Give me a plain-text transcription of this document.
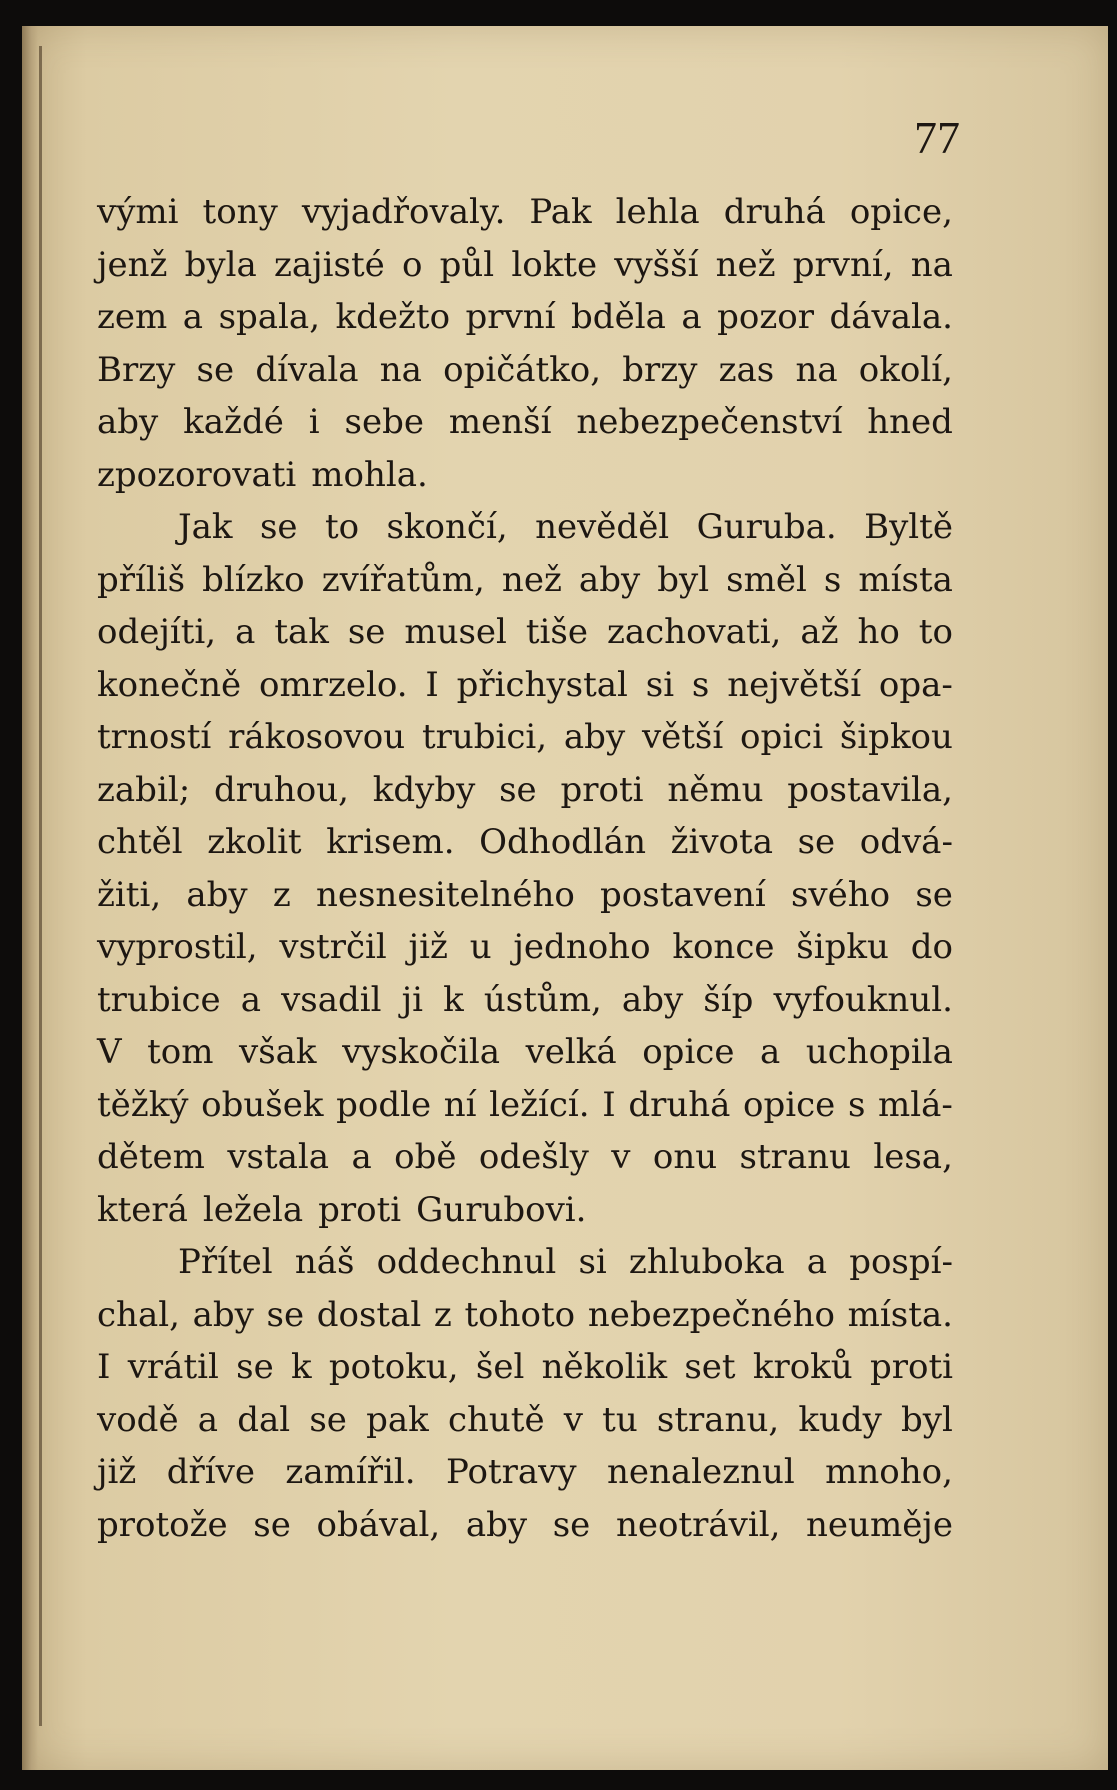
77
vými tony vyjadřovaly. Pak lehla druhá opice,
jenž byla zajisté o půl lokte vyšší než první, na
zem a spala, kdežto první bděla a pozor dávala.
Brzy se dívala na opičátko, brzy zas na okolí,
aby každé i sebe menší nebezpečenství hned
zpozorovati mohla.
Jak se to skončí, nevěděl Guruba. Byltě
příliš blízko zvířatům, než aby byl směl s místa
odejíti, a tak se musel tiše zachovati, až ho to
konečně omrzelo. I přichystal si s největší opa-
trností rákosovou trubici, aby větší opici šipkou
zabil; druhou, kdyby se proti němu postavila,
chtěl zkolit krisem. Odhodlán života se odvá-
žiti, aby z nesnesitelného postavení svého se
vyprostil, vstrčil již u jednoho konce šipku do
trubice a vsadil ji k ústům, aby šíp vyfouknul.
V tom však vyskočila velká opice a uchopila
těžký obušek podle ní ležící. I druhá opice s mlá-
dětem vstala a obě odešly v onu stranu lesa,
která ležela proti Gurubovi.
Přítel náš oddechnul si zhluboka a pospí-
chal, aby se dostal z tohoto nebezpečného místa.
I vrátil se k potoku, šel několik set kroků proti
vodě a dal se pak chutě v tu stranu, kudy byl
již dříve zamířil. Potravy nenaleznul mnoho,
protože se obával, aby se neotrávil, neuměje
